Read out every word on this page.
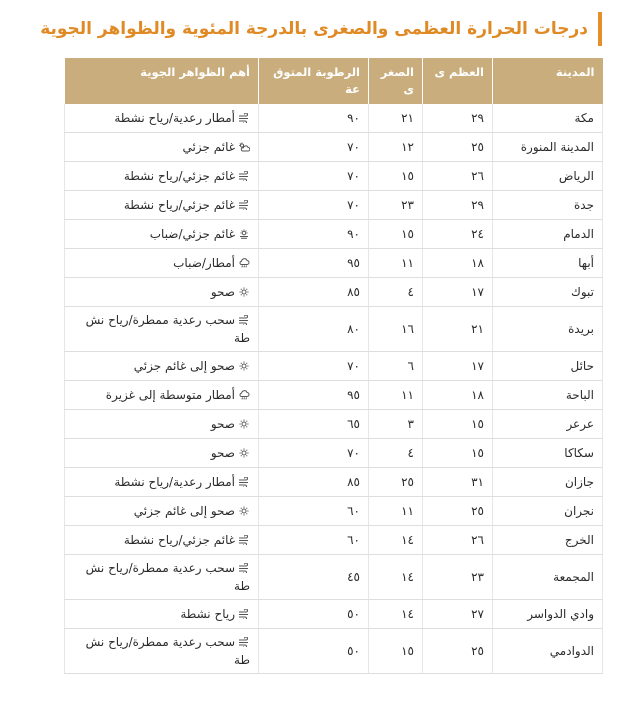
درجات الحرارة العظمى والصغرى بالدرجة المئوية والظواهر الجوية
المدينة	العظم ى	الصغر ى	الرطوبة المتوق عة	أهم الظواهر الجوية
مكة	٢٩	٢١	٩٠	أمطار رعدية/رياح نشطة
المدينة المنورة	٢٥	١٢	٧٠	غائم جزئي
الرياض	٢٦	١٥	٧٠	غائم جزئي/رياح نشطة
جدة	٢٩	٢٣	٧٠	غائم جزئي/رياح نشطة
الدمام	٢٤	١٥	٩٠	غائم جزئي/ضباب
أبها	١٨	١١	٩٥	أمطار/ضباب
تبوك	١٧	٤	٨٥	صحو
بريدة	٢١	١٦	٨٠	سحب رعدية ممطرة/رياح نش طة
حائل	١٧	٦	٧٠	صحو إلى غائم جزئي
الباحة	١٨	١١	٩٥	أمطار متوسطة إلى غزيرة
عرعر	١٥	٣	٦٥	صحو
سكاكا	١٥	٤	٧٠	صحو
جازان	٣١	٢٥	٨٥	أمطار رعدية/رياح نشطة
نجران	٢٥	١١	٦٠	صحو إلى غائم جزئي
الخرج	٢٦	١٤	٦٠	غائم جزئي/رياح نشطة
المجمعة	٢٣	١٤	٤٥	سحب رعدية ممطرة/رياح نش طة
وادي الدواسر	٢٧	١٤	٥٠	رياح نشطة
الدوادمي	٢٥	١٥	٥٠	سحب رعدية ممطرة/رياح نش طة
